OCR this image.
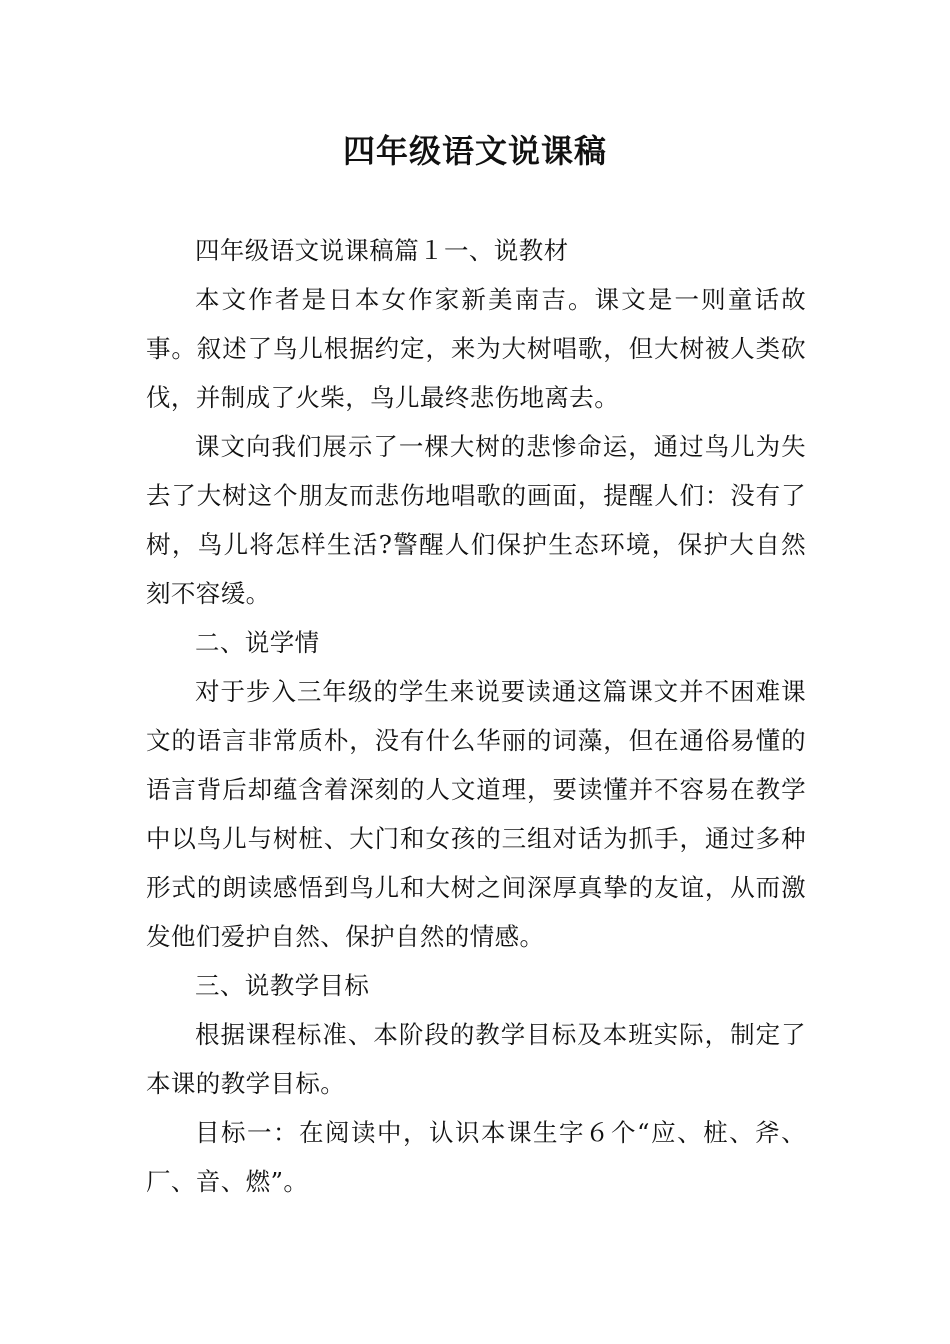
四年级语文说课稿

四年级语文说课稿篇１一、说教材

本文作者是日本女作家新美南吉。课文是一则童话故事。叙述了鸟儿根据约定，来为大树唱歌，但大树被人类砍伐，并制成了火柴，鸟儿最终悲伤地离去。

课文向我们展示了一棵大树的悲惨命运，通过鸟儿为失去了大树这个朋友而悲伤地唱歌的画面，提醒人们：没有了树，鸟儿将怎样生活?警醒人们保护生态环境，保护大自然刻不容缓。

二、说学情

对于步入三年级的学生来说要读通这篇课文并不困难课文的语言非常质朴，没有什么华丽的词藻，但在通俗易懂的语言背后却蕴含着深刻的人文道理，要读懂并不容易在教学中以鸟儿与树桩、大门和女孩的三组对话为抓手，通过多种形式的朗读感悟到鸟儿和大树之间深厚真挚的友谊，从而激发他们爱护自然、保护自然的情感。

三、说教学目标

根据课程标准、本阶段的教学目标及本班实际，制定了本课的教学目标。

目标一：在阅读中，认识本课生字６个“应、桩、斧、厂、音、燃”。
